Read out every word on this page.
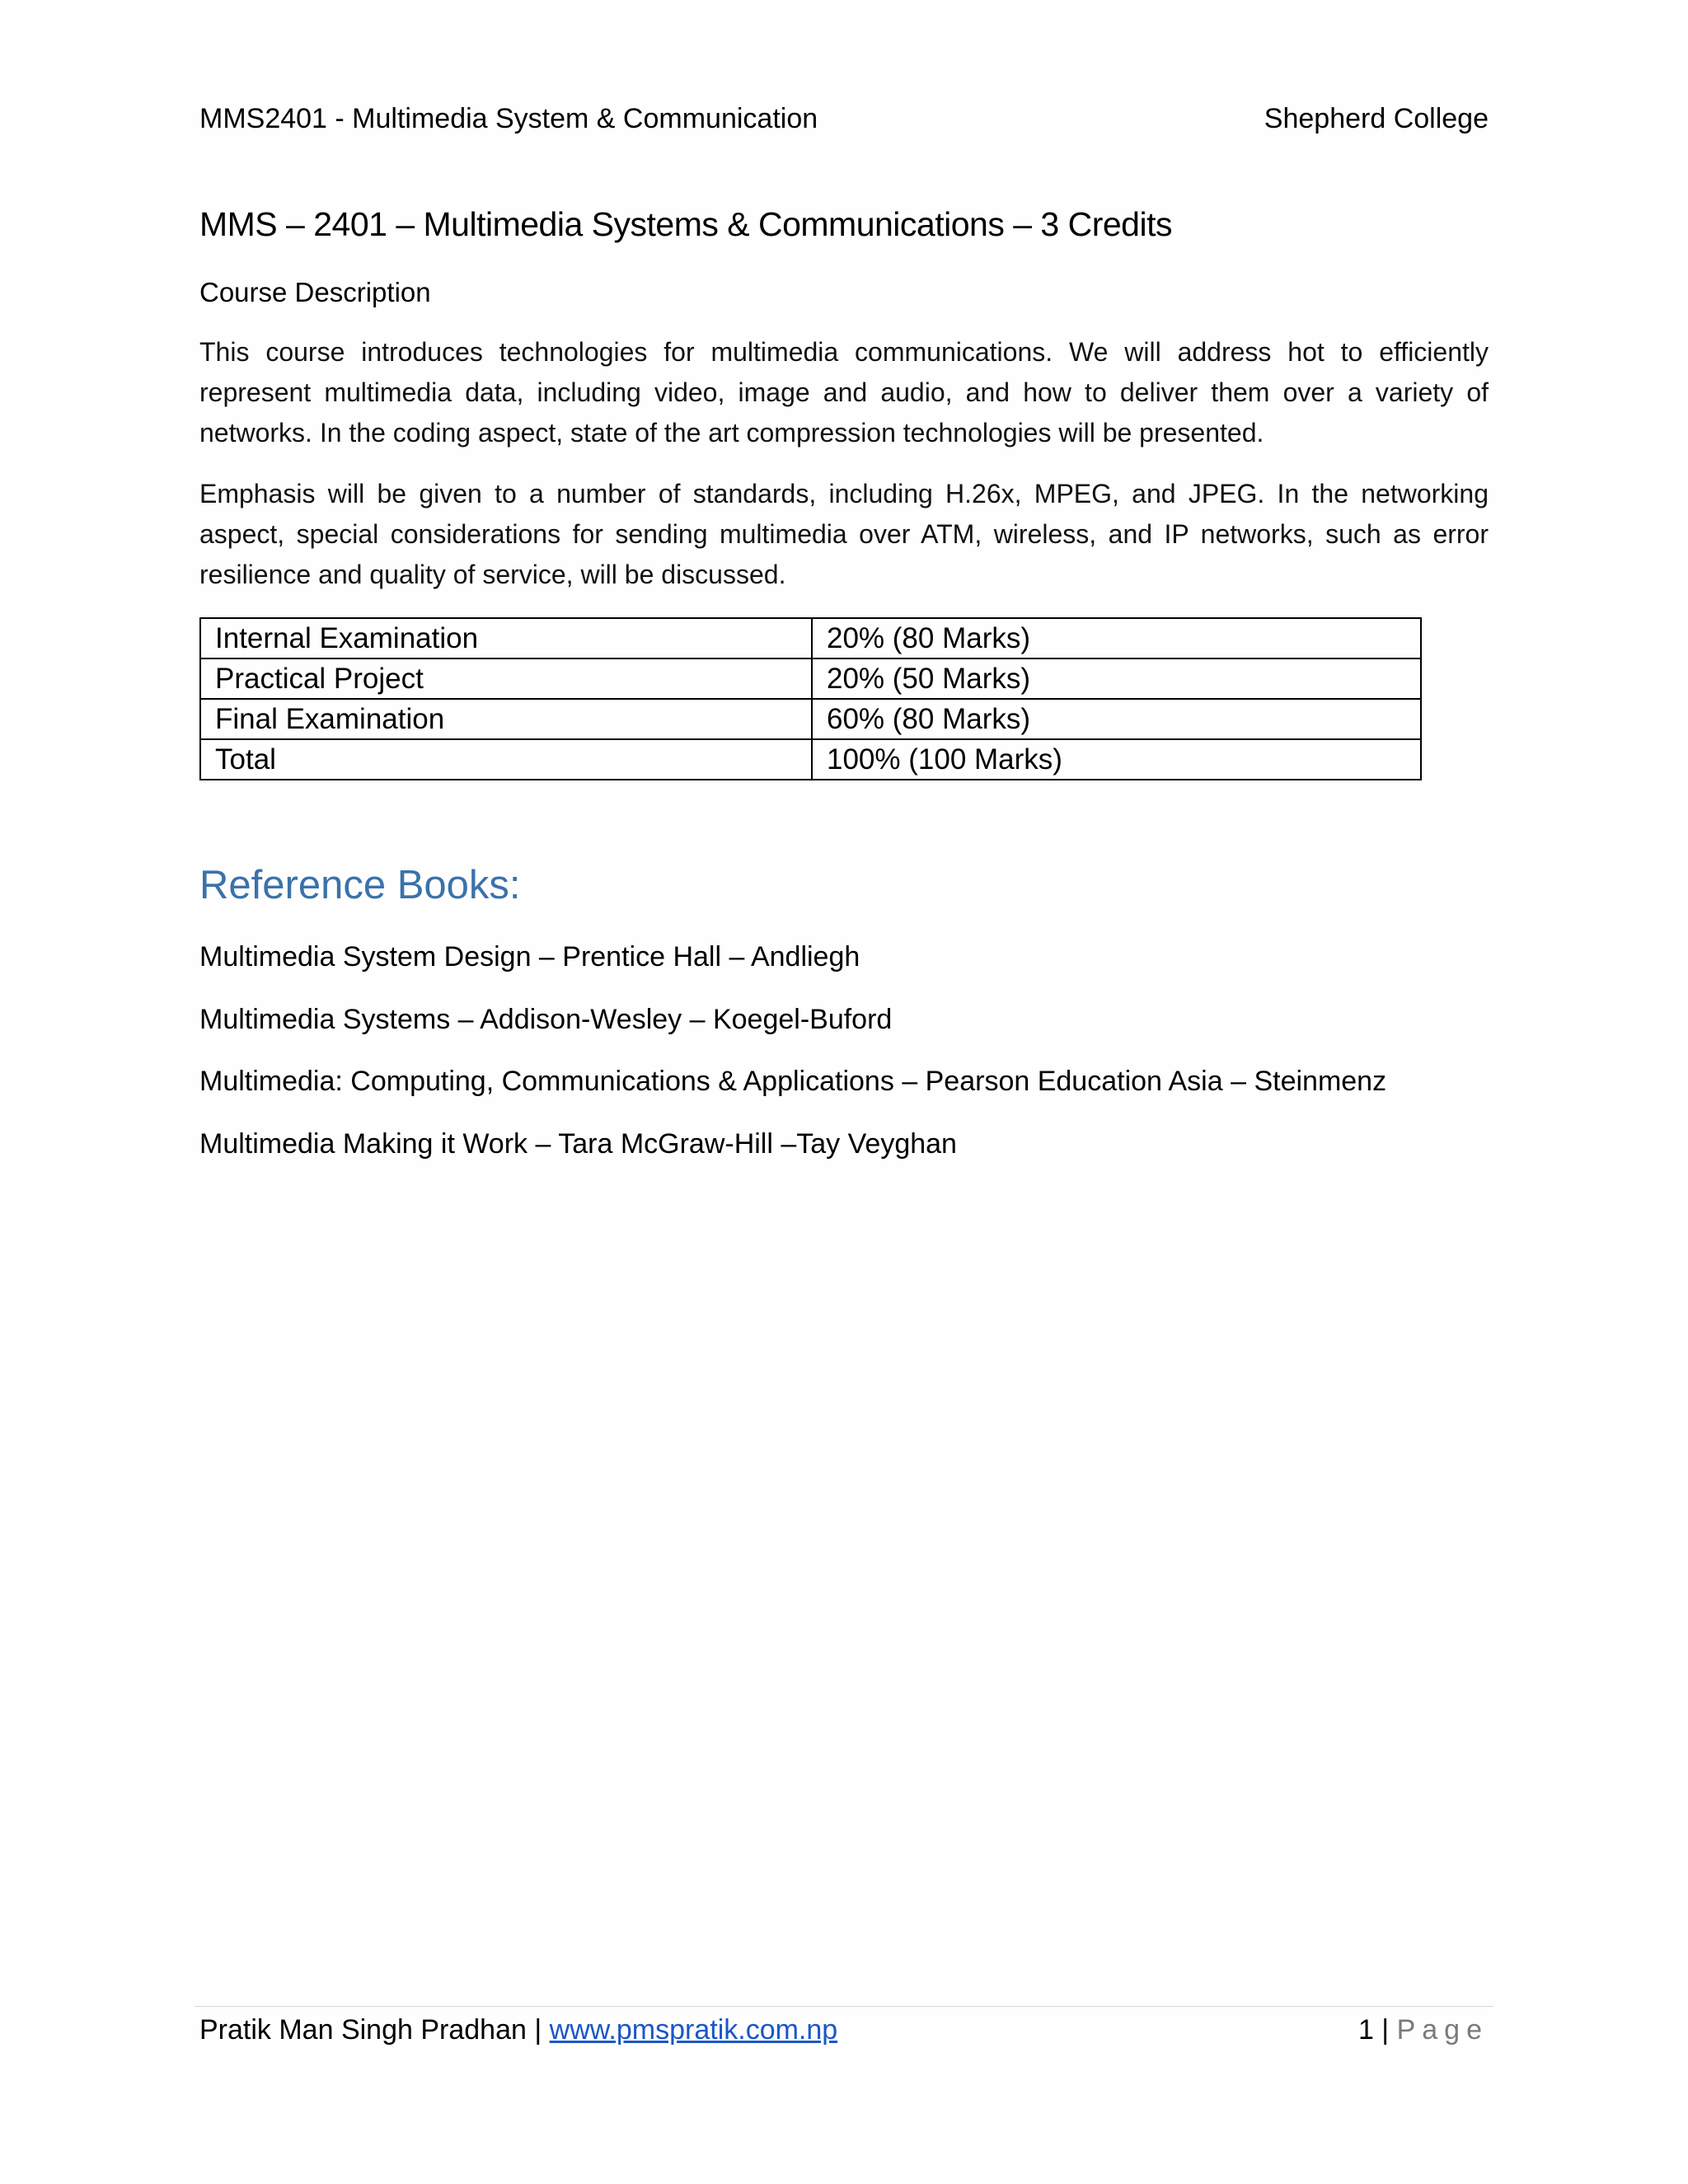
MMS2401 - Multimedia System & Communication	Shepherd College
MMS – 2401 – Multimedia Systems & Communications – 3 Credits
Course Description

This course introduces technologies for multimedia communications. We will address hot to efficiently represent multimedia data, including video, image and audio, and how to deliver them over a variety of networks. In the coding aspect, state of the art compression technologies will be presented.

Emphasis will be given to a number of standards, including H.26x, MPEG, and JPEG. In the networking aspect, special considerations for sending multimedia over ATM, wireless, and IP networks, such as error resilience and quality of service, will be discussed.

Internal Examination	20% (80 Marks)
Practical Project	20% (50 Marks)
Final Examination	60% (80 Marks)
Total	100% (100 Marks)
Reference Books:
Multimedia System Design – Prentice Hall – Andliegh
Multimedia Systems – Addison-Wesley – Koegel-Buford
Multimedia: Computing, Communications & Applications – Pearson Education Asia – Steinmenz
Multimedia Making it Work – Tara McGraw-Hill –Tay Veyghan
Pratik Man Singh Pradhan | www.pmspratik.com.np	1 | Page
